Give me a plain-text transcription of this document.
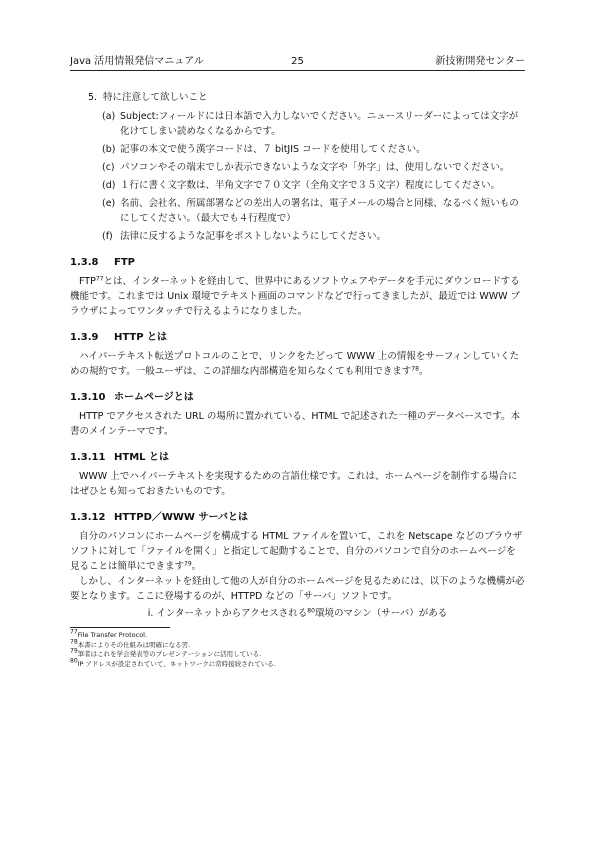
Java 活用情報発信マニュアル	25	新技術開発センター
5. 特に注意して欲しいこと
(a) Subject:フィールドには日本語で入力しないでください。ニュースリーダーによっては文字が化けてしまい読めなくなるからです。
(b) 記事の本文で使う漢字コードは、７ bitJIS コードを使用してください。
(c) パソコンやその端末でしか表示できないような文字や「外字」は、使用しないでください。
(d) １行に書く文字数は、半角文字で７０文字（全角文字で３５文字）程度にしてください。
(e) 名前、会社名、所属部署などの差出人の署名は、電子メールの場合と同様、なるべく短いものにしてください。（最大でも４行程度で）
(f) 法律に反するような記事をポストしないようにしてください。
1.3.8 FTP

FTP$^{77}$とは、インターネットを経由して、世界中にあるソフトウェアやデータを手元にダウンロードする機能です。これまでは Unix 環境でテキスト画面のコマンドなどで行ってきましたが、最近では WWW ブラウザによってワンタッチで行えるようになりました。

1.3.9 HTTP とは

ハイパーテキスト転送プロトコルのことで、リンクをたどって WWW 上の情報をサーフィンしていくための規約です。一般ユーザは、この詳細な内部構造を知らなくても利用できます$^{78}$。

1.3.10 ホームページとは

HTTP でアクセスされた URL の場所に置かれている、HTML で記述された一種のデータベースです。本書のメインテーマです。

1.3.11 HTML とは

WWW 上でハイパーテキストを実現するための言語仕様です。これは、ホームページを制作する場合にはぜひとも知っておきたいものです。

1.3.12 HTTPD／WWW サーバとは

自分のパソコンにホームページを構成する HTML ファイルを置いて、これを Netscape などのブラウザソフトに対して「ファイルを開く」と指定して起動することで、自分のパソコンで自分のホームページを見ることは簡単にできます$^{79}$。

しかし、インターネットを経由して他の人が自分のホームページを見るためには、以下のような機構が必要となります。ここに登場するのが、HTTPD などの「サーバ」ソフトです。

i. インターネットからアクセスされる$^{80}$環境のマシン（サーバ）がある
$^{77}$File Transfer Protocol.
$^{78}$本書によりその仕組みは明確になる筈.
$^{79}$筆者はこれを学会発表等のプレゼンテーションに活用している.
$^{80}$IP アドレスが設定されていて、ネットワークに常時接続されている.
